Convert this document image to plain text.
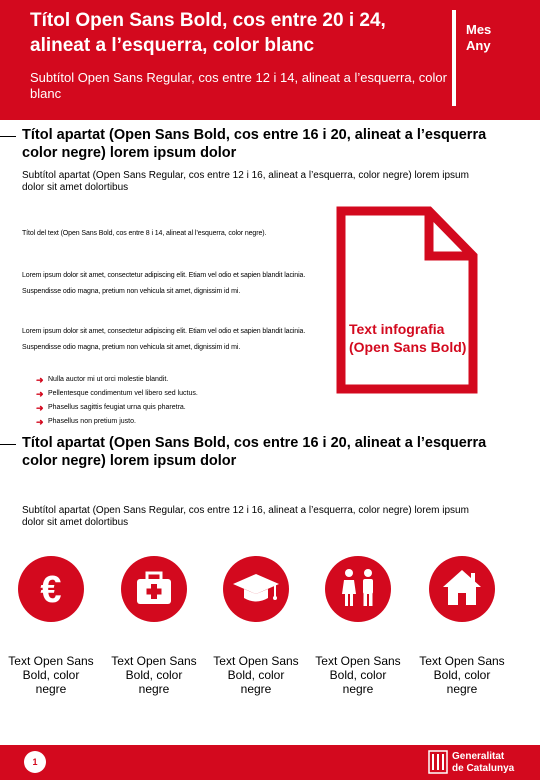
Títol Open Sans Bold, cos entre 20 i 24, alineat a l’esquerra, color blanc
Mes
Any
Subtítol Open Sans Regular, cos entre 12 i 14, alineat a l’esquerra, color blanc
Títol apartat (Open Sans Bold, cos entre 16 i 20, alineat a l’esquerra color negre) lorem ipsum dolor
Subtítol apartat (Open Sans Regular, cos entre 12 i 16, alineat a l’esquerra, color negre) lorem ipsum dolor sit amet dolortibus
Títol del text (Open Sans Bold, cos entre 8 i 14, alineat al l’esquerra, color negre).
Lorem ipsum dolor sit amet, consectetur adipiscing elit. Etiam vel odio et sapien blandit lacinia. Suspendisse odio magna, pretium non vehicula sit amet, dignissim id mi.
Lorem ipsum dolor sit amet, consectetur adipiscing elit. Etiam vel odio et sapien blandit lacinia. Suspendisse odio magna, pretium non vehicula sit amet, dignissim id mi.
➜ Nulla auctor mi ut orci molestie blandit.
➜ Pellentesque condimentum vel libero sed luctus.
➜ Phasellus sagittis feugiat urna quis pharetra.
➜ Phasellus non pretium justo.
Text infografia (Open Sans Bold)
Títol apartat (Open Sans Bold, cos entre 16 i 20, alineat a l’esquerra color negre) lorem ipsum dolor
Subtítol apartat (Open Sans Regular, cos entre 12 i 16, alineat a l’esquerra, color negre) lorem ipsum dolor sit amet dolortibus
€
Text Open Sans Bold, color negre
Text Open Sans Bold, color negre
Text Open Sans Bold, color negre
Text Open Sans Bold, color negre
Text Open Sans Bold, color negre
1	Generalitat
de Catalunya
